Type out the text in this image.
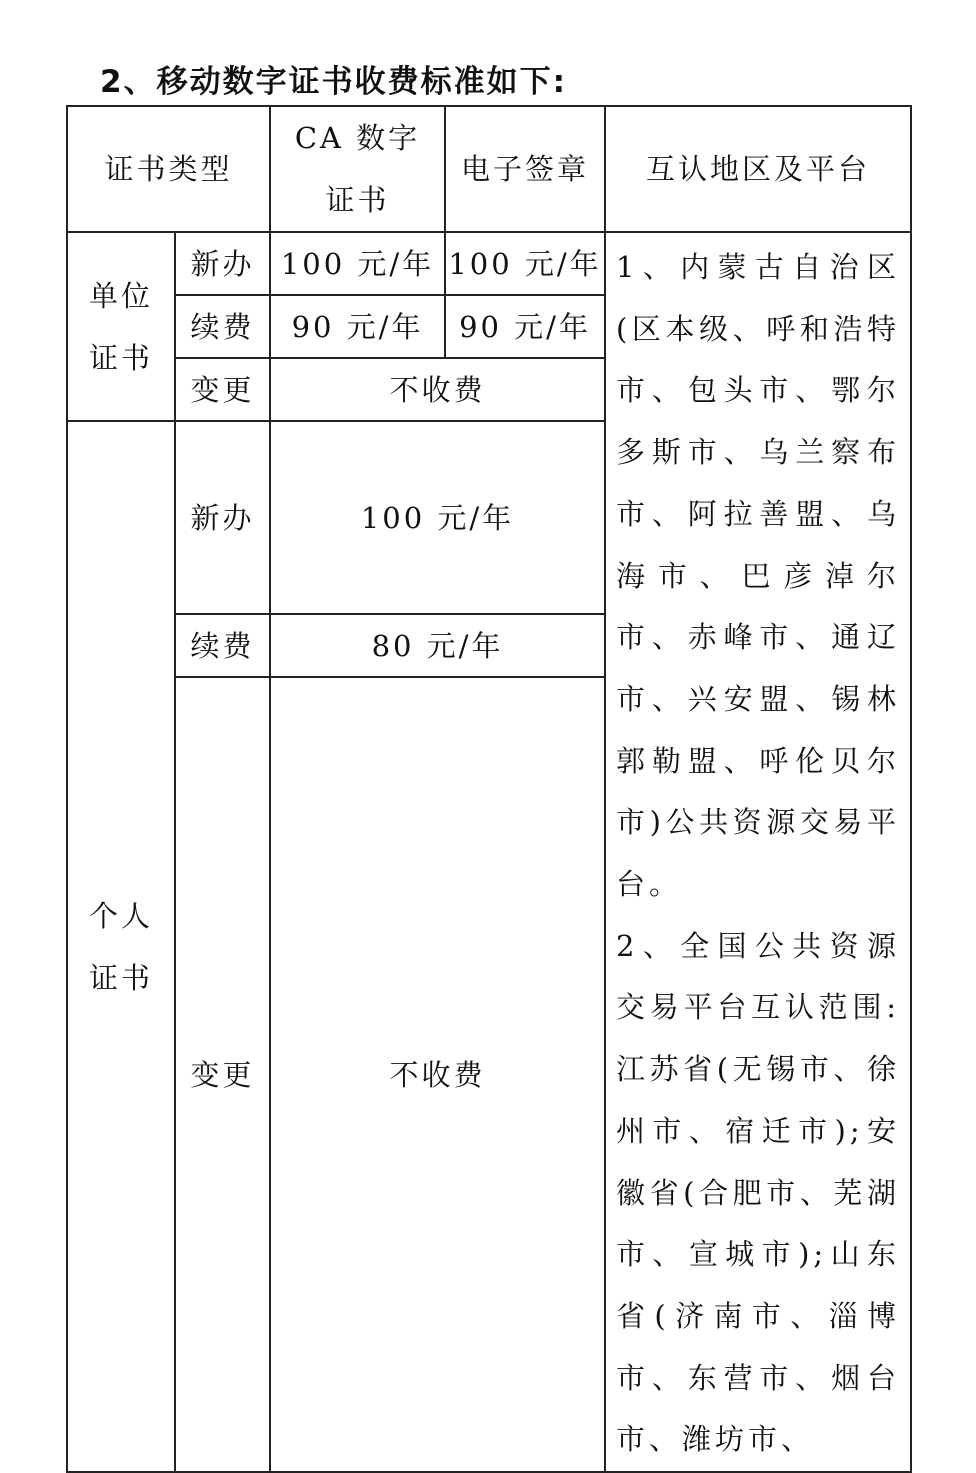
2、移动数字证书收费标准如下:
证书类型		CA 数字证书	电子签章	互认地区及平台
单位证书	新办	100 元/年	100 元/年	1、内蒙古自治区(区本级、呼和浩特市、包头市、鄂尔多斯市、乌兰察布市、阿拉善盟、乌海市、巴彦淖尔市、赤峰市、通辽市、兴安盟、锡林郭勒盟、呼伦贝尔市)公共资源交易平台。

2、全国公共资源交易平台互认范围:江苏省(无锡市、徐州市、宿迁市);安徽省(合肥市、芜湖市、宣城市);山东省(济南市、淄博市、东营市、烟台市、潍坊市、

	续费	90 元/年	90 元/年	
	变更	不收费		
个人证书	新办	100 元/年		
	续费	80 元/年		
	变更	不收费		
